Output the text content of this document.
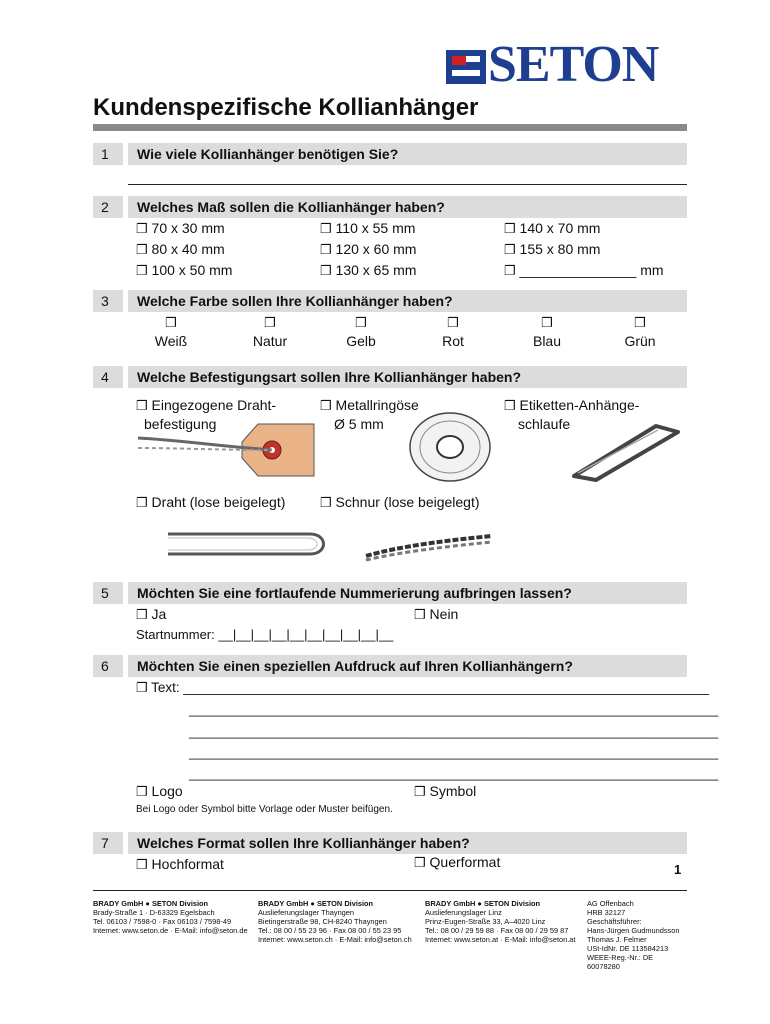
SETON
Kundenspezifische Kollianhänger
1	Wie viele Kollianhänger benötigen Sie?
2	Welches Maß sollen die Kollianhänger haben?
❒ 70 x 30 mm	❒ 110 x 55 mm	❒ 140 x 70 mm
❒ 80 x 40 mm	❒ 120 x 60 mm	❒ 155 x 80 mm
❒ 100 x 50 mm	❒ 130 x 65 mm	❒ _______________ mm
3	Welche Farbe sollen Ihre Kollianhänger haben?
❒
Weiß
❒
Natur
❒
Gelb
❒
Rot
❒
Blau
❒
Grün
4	Welche Befestigungsart sollen Ihre Kollianhänger haben?
❒ Eingezogene Draht-
befestigung
❒ Metallringöse
Ø 5 mm
❒ Etiketten-Anhänge-
schlaufe
❒ Draht (lose beigelegt)	❒ Schnur (lose beigelegt)
5	Möchten Sie eine fortlaufende Nummerierung aufbringen lassen?
❒ Ja	❒ Nein
Startnummer: __|__|__|__|__|__|__|__|__|__
6	Möchten Sie einen speziellen Aufdruck auf Ihren Kollianhängern?
❒ Text: ______________________________________________________________________
___________________________________________________________________________
___________________________________________________________________________
___________________________________________________________________________
___________________________________________________________________________
❒ Logo	❒ Symbol
Bei Logo oder Symbol bitte Vorlage oder Muster beifügen.
7	Welches Format sollen Ihre Kollianhänger haben?
❒ Hochformat	❒ Querformat	1
BRADY GmbH ● SETON Division
Brady-Straße 1 · D-63329 Egelsbach
Tel. 06103 / 7598-0 · Fax 06103 / 7598-49
Internet: www.seton.de · E-Mail: info@seton.de
BRADY GmbH ● SETON Division
Auslieferungslager Thayngen
Bietingerstraße 98, CH-8240 Thayngen
Tel.: 08 00 / 55 23 96 · Fax 08 00 / 55 23 95
Internet: www.seton.ch · E-Mail: info@seton.ch
BRADY GmbH ● SETON Division
Auslieferungslager Linz
Prinz-Eugen-Straße 33, A–4020 Linz
Tel.: 08 00 / 29 59 88 · Fax 08 00 / 29 59 87
Internet: www.seton.at · E-Mail: info@seton.at
AG Offenbach
HRB 32127
Geschäftsführer:
Hans-Jürgen Gudmundsson
Thomas J. Felmer
USt-IdNr. DE 113584213
WEEE-Reg.-Nr.: DE
60078280
